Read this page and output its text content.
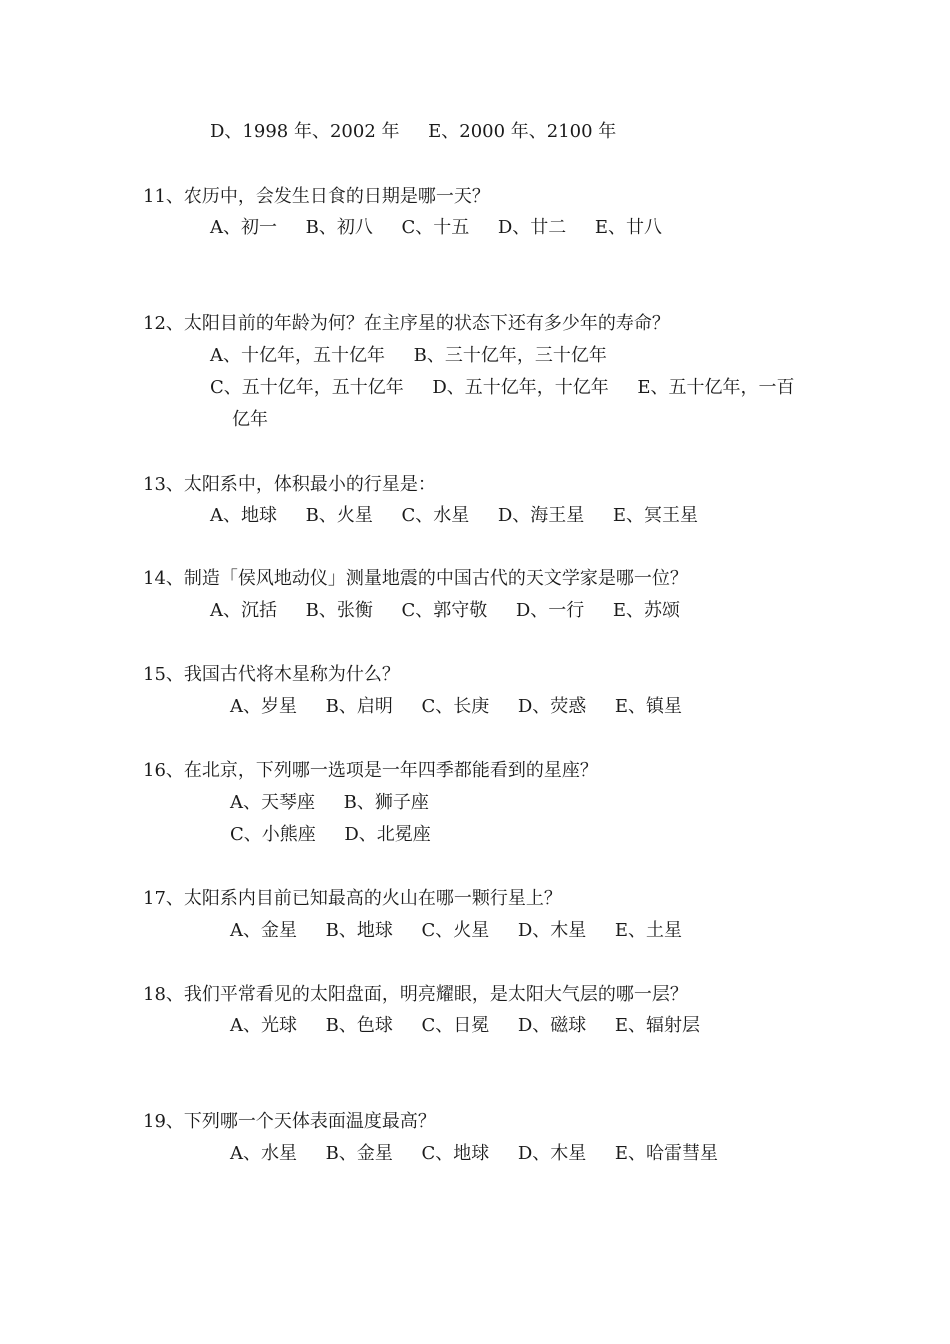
D、1998 年、2002 年     E、2000 年、2100 年
11、农历中，会发生日食的日期是哪一天？
A、初一     B、初八     C、十五     D、廿二     E、廿八
12、太阳目前的年龄为何？在主序星的状态下还有多少年的寿命？
A、十亿年，五十亿年     B、三十亿年，三十亿年
C、五十亿年，五十亿年     D、五十亿年，十亿年     E、五十亿年，一百
亿年
13、太阳系中，体积最小的行星是：
A、地球     B、火星     C、水星     D、海王星     E、冥王星
14、制造「侯风地动仪」测量地震的中国古代的天文学家是哪一位？
A、沉括     B、张衡     C、郭守敬     D、一行     E、苏颂
15、我国古代将木星称为什么？
A、岁星     B、启明     C、长庚     D、荧惑     E、镇星
16、在北京，下列哪一选项是一年四季都能看到的星座？
A、天琴座     B、狮子座
C、小熊座     D、北冕座
17、太阳系内目前已知最高的火山在哪一颗行星上？
A、金星     B、地球     C、火星     D、木星     E、土星
18、我们平常看见的太阳盘面，明亮耀眼，是太阳大气层的哪一层？
A、光球     B、色球     C、日冕     D、磁球     E、辐射层
19、下列哪一个天体表面温度最高？
A、水星     B、金星     C、地球     D、木星     E、哈雷彗星
